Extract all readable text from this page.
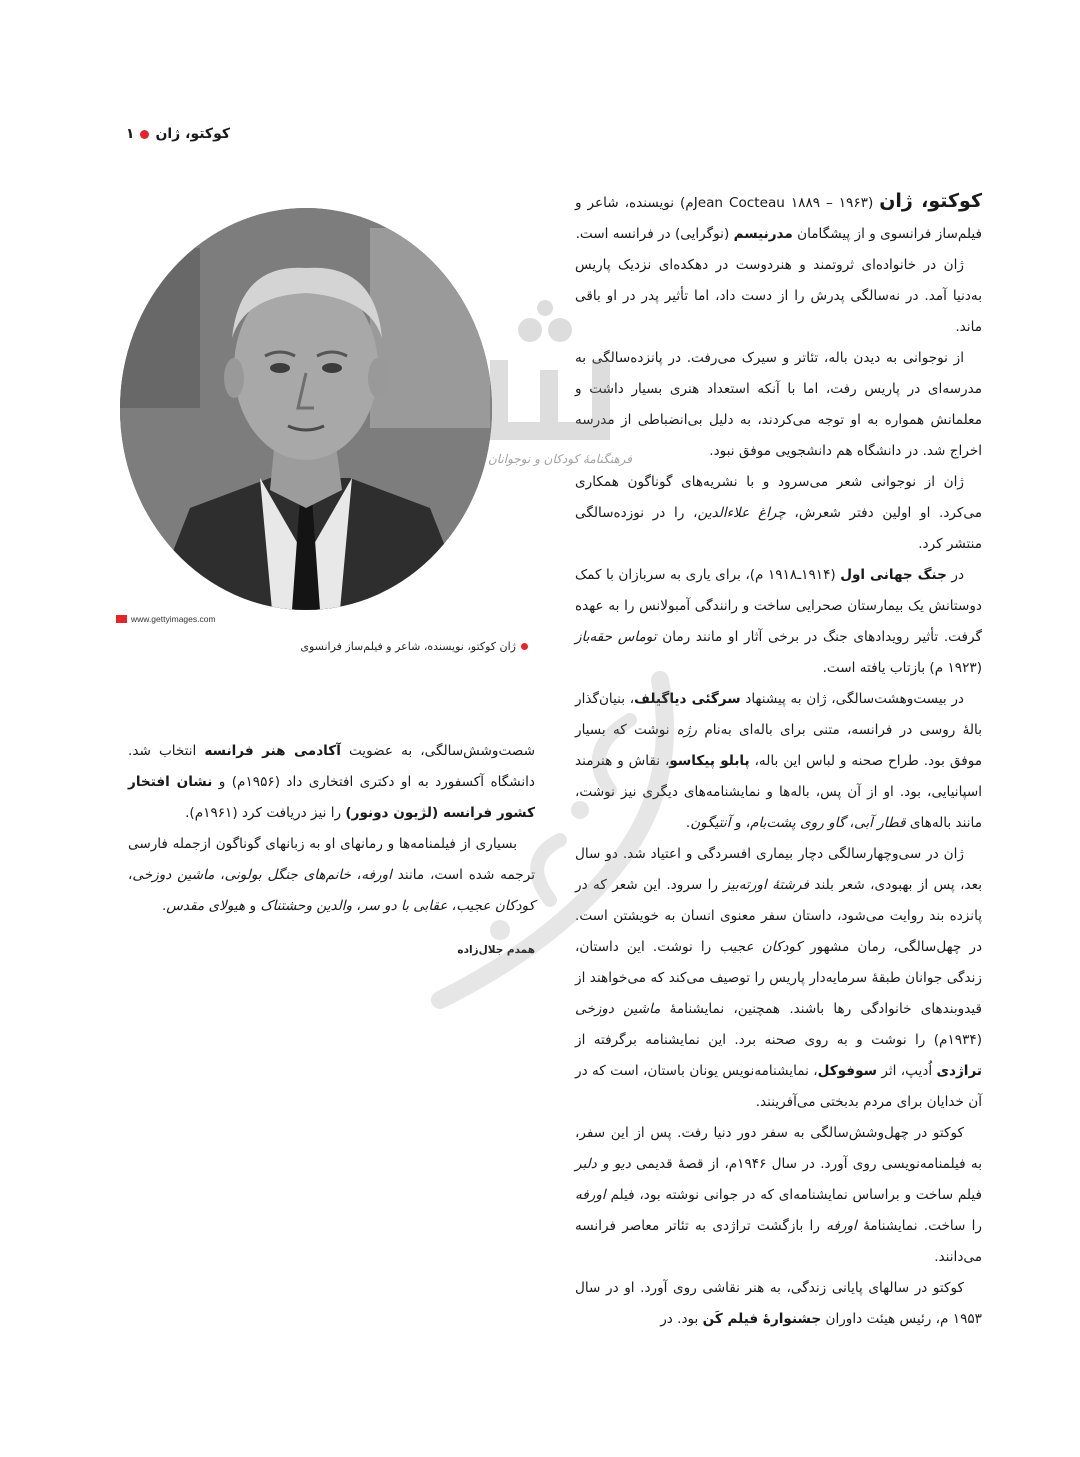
کوکتو، ژان
۱

کوکتو، ژان (Jean Cocteau ۱۸۸۹ – ۱۹۶۳م) نویسنده، شاعر و فیلم‌ساز فرانسوی و از پیشگامان مدرنیسم (نوگرایی) در فرانسه است.

ژان در خانواده‌ای ثروتمند و هنردوست در دهکده‌ای نزدیک پاریس به‌دنیا آمد. در نه‌سالگی پدرش را از دست داد، اما تأثیر پدر در او باقی ماند.

از نوجوانی به دیدن باله، تئاتر و سیرک می‌رفت. در پانزده‌سالگی به مدرسه‌ای در پاریس رفت، اما با آنکه استعداد هنری بسیار داشت و معلمانش همواره به او توجه می‌کردند، به دلیل بی‌انضباطی از مدرسه اخراج شد. در دانشگاه هم دانشجویی موفق نبود.

ژان از نوجوانی شعر می‌سرود و با نشریه‌های گوناگون همکاری می‌کرد. او اولین دفتر شعرش، چراغ علاءالدین، را در نوزده‌سالگی منتشر کرد.

در جنگ جهانی اول (۱۹۱۴ـ۱۹۱۸ م)، برای یاری به سربازان با کمک دوستانش یک بیمارستان صحرایی ساخت و رانندگی آمبولانس را به عهده گرفت. تأثیر رویدادهای جنگ در برخی آثار او مانند رمان توماس حقه‌باز (۱۹۲۳ م) بازتاب یافته است.

در بیست‌وهشت‌سالگی، ژان به پیشنهاد سرگئی دیاگیلف، بنیان‌گذار بالهٔ روسی در فرانسه، متنی برای باله‌ای به‌نام رژه نوشت که بسیار موفق بود. طراح صحنه و لباس این باله، پابلو پیکاسو، نقاش و هنرمند اسپانیایی، بود. او از آن پس، باله‌ها و نمایشنامه‌های دیگری نیز نوشت، مانند باله‌های قطار آبی، گاو روی پشت‌بام، و آنتیگون.

ژان در سی‌وچهارسالگی دچار بیماری افسردگی و اعتیاد شد. دو سال بعد، پس از بهبودی، شعر بلند فرشتهٔ اورته‌بیز را سرود. این شعر که در پانزده بند روایت می‌شود، داستان سفر معنوی انسان به خویشتن است. در چهل‌سالگی، رمان مشهور کودکان عجیب را نوشت. این داستان، زندگی جوانان طبقهٔ سرمایه‌دار پاریس را توصیف می‌کند که می‌خواهند از قیدوبندهای خانوادگی رها باشند. همچنین، نمایشنامهٔ ماشین دوزخی (۱۹۳۴م) را نوشت و به روی صحنه برد. این نمایشنامه برگرفته از تراژدی اُدیپ، اثر سوفوکل، نمایشنامه‌نویس یونان باستان، است که در آن خدایان برای مردم بدبختی می‌آفرینند.

کوکتو در چهل‌وشش‌سالگی به سفر دور دنیا رفت. پس از این سفر، به فیلمنامه‌نویسی روی آورد. در سال ۱۹۴۶م، از قصهٔ قدیمی دیو و دلبر فیلم ساخت و براساس نمایشنامه‌ای که در جوانی نوشته بود، فیلم اورفه را ساخت. نمایشنامهٔ اورفه را بازگشت تراژدی به تئاتر معاصر فرانسه می‌دانند.

کوکتو در سالهای پایانی زندگی، به هنر نقاشی روی آورد. او در سال ۱۹۵۳ م، رئیس هیئت داوران جشنوارهٔ فیلم کَن بود. در

www.gettyimages.com
ژان کوکتو، نویسنده، شاعر و فیلم‌ساز فرانسوی

شصت‌وشش‌سالگی، به عضویت آکادمی هنر فرانسه انتخاب شد. دانشگاه آکسفورد به او دکتری افتخاری داد (۱۹۵۶م) و نشان افتخار کشور فرانسه (لژیون دونور) را نیز دریافت کرد (۱۹۶۱م).

بسیاری از فیلمنامه‌ها و رمانهای او به زبانهای گوناگون ازجمله فارسی ترجمه شده است، مانند اورفه، خانم‌های جنگل بولونی، ماشین دوزخی، کودکان عجیب، عقابی با دو سر، والدین وحشتناک و هیولای مقدس.

همدم جلال‌زاده
فرهنگنامهٔ کودکان و نوجوانان
